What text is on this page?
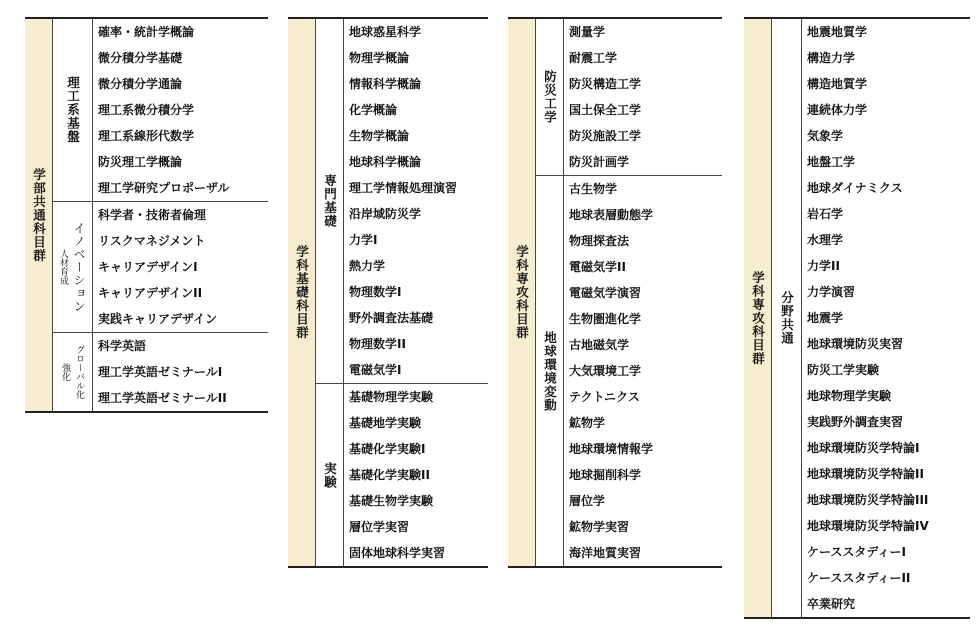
学部共通科目群
理工系基盤
確率・統計学概論
微分積分学基礎
微分積分学通論
理工系微分積分学
理工系線形代数学
防災理工学概論
理工学研究プロポーザル
人材育成 イノベーション
科学者・技術者倫理
リスクマネジメント
キャリアデザインI
キャリアデザインII
実践キャリアデザイン
強化 グローバル化	科学英語
理工学英語ゼミナールI
理工学英語ゼミナールII
学科基礎科目群
専門基礎
地球惑星科学
物理学概論
情報科学概論
化学概論
生物学概論
地球科学概論
理工学情報処理演習
沿岸域防災学
力学I
熱力学
物理数学I
野外調査法基礎
物理数学II
電磁気学I
実験
基礎物理学実験
基礎地学実験
基礎化学実験I
基礎化学実験II
基礎生物学実験
層位学実習
固体地球科学実習
学科専攻科目群
防災工学
測量学
耐震工学
防災構造工学
国土保全工学
防災施設工学
防災計画学
地球環境変動
古生物学
地球表層動態学
物理探査法
電磁気学II
電磁気学演習
生物圏進化学
古地磁気学
大気環境工学
テクトニクス
鉱物学
地球環境情報学
地球掘削科学
層位学
鉱物学実習
海洋地質実習
学科専攻科目群 分野共通
地震地質学
構造力学
構造地質学
連続体力学
気象学
地盤工学
地球ダイナミクス
岩石学
水理学
力学II
力学演習
地震学
地球環境防災実習
防災工学実験
地球物理学実験
実践野外調査実習
地球環境防災学特論I
地球環境防災学特論II
地球環境防災学特論III
地球環境防災学特論IV
ケーススタディーI
ケーススタディーII
卒業研究
